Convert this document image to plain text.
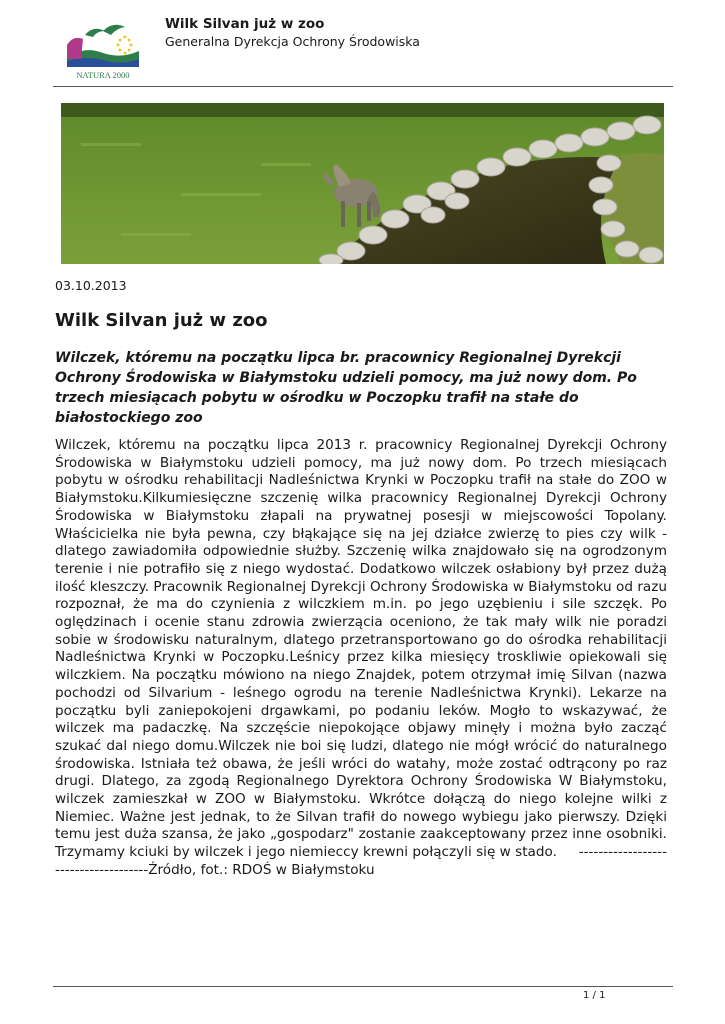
NATURA 2000
Wilk Silvan już w zoo
Generalna Dyrekcja Ochrony Środowiska
03.10.2013
Wilk Silvan już w zoo

Wilczek, któremu na początku lipca br. pracownicy Regionalnej Dyrekcji Ochrony Środowiska w Białymstoku udzieli pomocy, ma już nowy dom. Po trzech miesiącach pobytu w ośrodku w Poczopku trafił na stałe do białostockiego zoo

Wilczek, któremu na początku lipca 2013 r. pracownicy Regionalnej Dyrekcji Ochrony Środowiska w Białymstoku udzieli pomocy, ma już nowy dom. Po trzech miesiącach pobytu w ośrodku rehabilitacji Nadleśnictwa Krynki w Poczopku trafił na stałe do ZOO w Białymstoku.Kilkumiesięczne szczenię wilka pracownicy Regionalnej Dyrekcji Ochrony Środowiska w Białymstoku złapali na prywatnej posesji w miejscowości Topolany. Właścicielka nie była pewna, czy błąkające się na jej działce zwierzę to pies czy wilk - dlatego zawiadomiła odpowiednie służby. Szczenię wilka znajdowało się na ogrodzonym terenie i nie potrafiło się z niego wydostać. Dodatkowo wilczek osłabiony był przez dużą ilość kleszczy. Pracownik Regionalnej Dyrekcji Ochrony Środowiska w Białymstoku od razu rozpoznał, że ma do czynienia z wilczkiem m.in. po jego uzębieniu i sile szczęk. Po oględzinach i ocenie stanu zdrowia zwierzącia oceniono, że tak mały wilk nie poradzi sobie w środowisku naturalnym, dlatego przetransportowano go do ośrodka rehabilitacji Nadleśnictwa Krynki w Poczopku.Leśnicy przez kilka miesięcy troskliwie opiekowali się wilczkiem. Na początku mówiono na niego Znajdek, potem otrzymał imię Silvan (nazwa pochodzi od Silvarium - leśnego ogrodu na terenie Nadleśnictwa Krynki). Lekarze na początku byli zaniepokojeni drgawkami, po podaniu leków. Mogło to wskazywać, że wilczek ma padaczkę. Na szczęście niepokojące objawy minęły i można było zacząć szukać dal niego domu.Wilczek nie boi się ludzi, dlatego nie mógł wrócić do naturalnego środowiska. Istniała też obawa, że jeśli wróci do watahy, może zostać odtrącony po raz drugi. Dlatego, za zgodą Regionalnego Dyrektora Ochrony Środowiska W Białymstoku, wilczek zamieszkał w ZOO w Białymstoku. Wkrótce dołączą do niego kolejne wilki z Niemiec. Ważne jest jednak, to że Silvan trafił do nowego wybiegu jako pierwszy. Dzięki temu jest duża szansa, że jako „gospodarz" zostanie zaakceptowany przez inne osobniki. Trzymamy kciuki by wilczek i jego niemieccy krewni połączyli się w stado.     -------------------------------------Źródło, fot.: RDOŚ w Białymstoku

1 / 1
